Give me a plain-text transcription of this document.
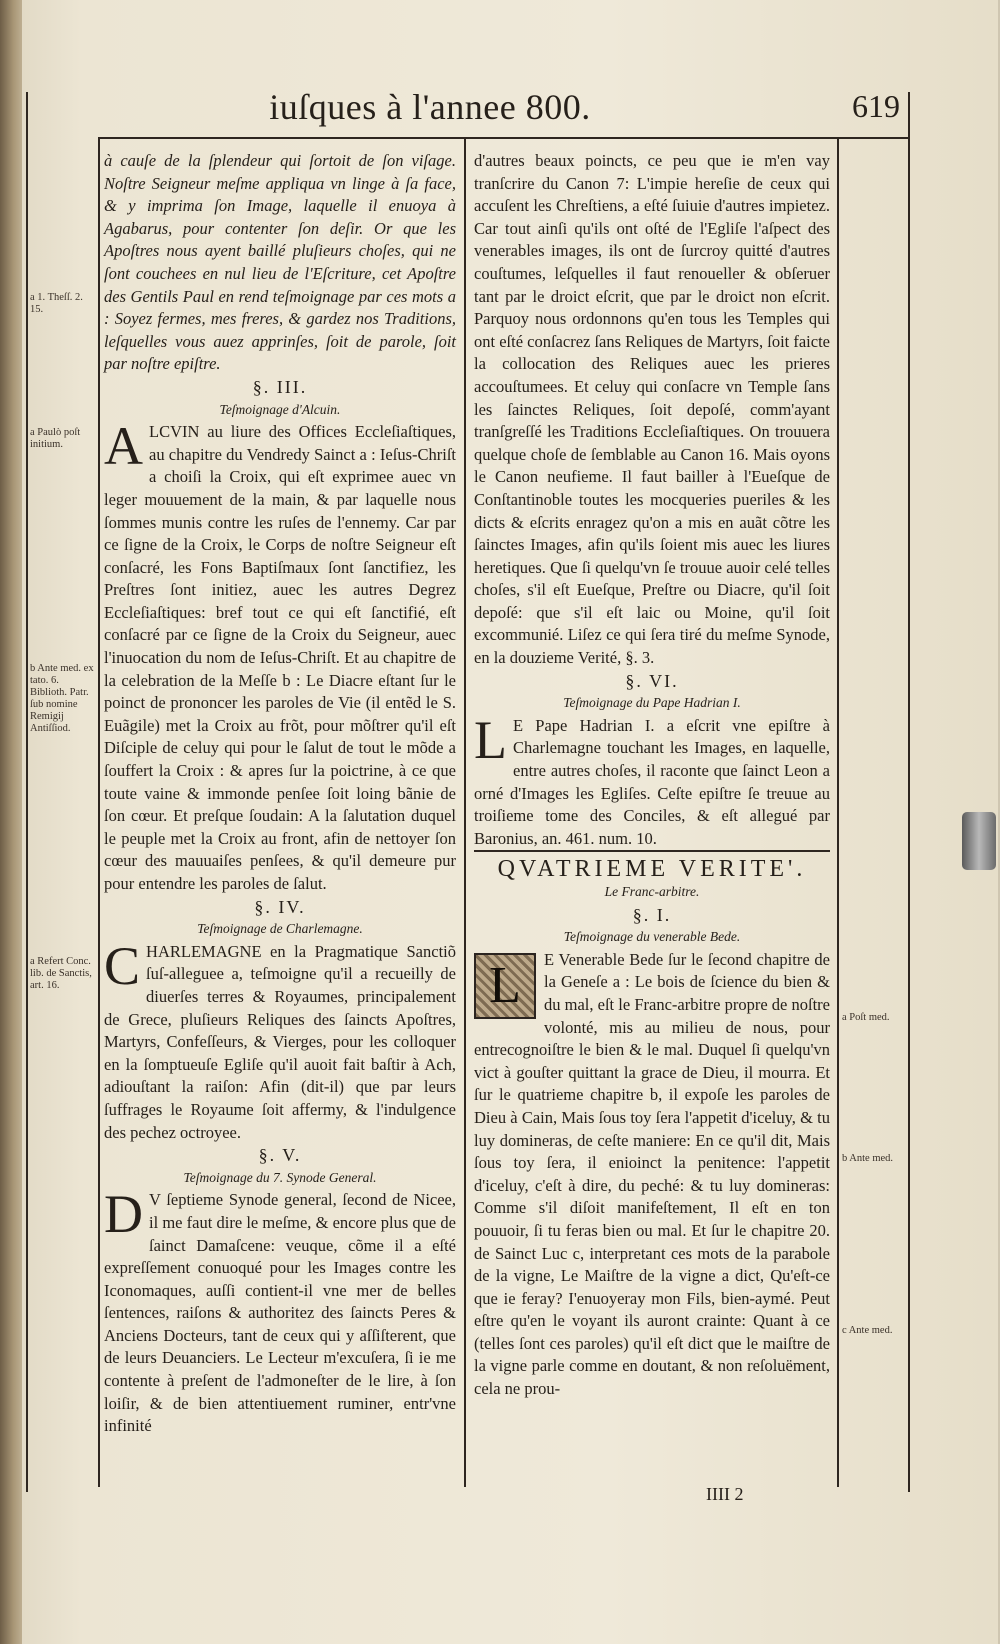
iuſques à l'annee 800.	619
a 1. Theſſ. 2. 15.
a Paulò poſt initium.
b Ante med. ex tato. 6. Biblioth. Patr. ſub nomine Remigij Antiſſiod.
a Refert Conc. lib. de Sanctis, art. 16.
a Poſt med.
b Ante med.
c Ante med.

à cauſe de la ſplendeur qui ſortoit de ſon viſage. Noſtre Seigneur meſme appliqua vn linge à ſa face, & y imprima ſon Image, laquelle il enuoya à Agabarus, pour contenter ſon deſir. Or que les Apoſtres nous ayent baillé pluſieurs choſes, qui ne ſont couchees en nul lieu de l'Eſcriture, cet Apoſtre des Gentils Paul en rend teſmoignage par ces mots a : Soyez fermes, mes freres, & gardez nos Traditions, leſquelles vous auez apprinſes, ſoit de parole, ſoit par noſtre epiſtre.

§. III.

Teſmoignage d'Alcuin.

ALCVIN au liure des Offices Eccleſiaſtiques, au chapitre du Vendredy Sainct a : Ieſus-Chriſt a choiſi la Croix, qui eſt exprimee auec vn leger mouuement de la main, & par laquelle nous ſommes munis contre les ruſes de l'ennemy. Car par ce ſigne de la Croix, le Corps de noſtre Seigneur eſt conſacré, les Fons Baptiſmaux ſont ſanctifiez, les Preſtres ſont initiez, auec les autres Degrez Eccleſiaſtiques: bref tout ce qui eſt ſanctifié, eſt conſacré par ce ſigne de la Croix du Seigneur, auec l'inuocation du nom de Ieſus-Chriſt. Et au chapitre de la celebration de la Meſſe b : Le Diacre eſtant ſur le poinct de prononcer les paroles de Vie (il entẽd le S. Euãgile) met la Croix au frõt, pour mõſtrer qu'il eſt Diſciple de celuy qui pour le ſalut de tout le mõde a ſouffert la Croix : & apres ſur la poictrine, à ce que toute vaine & immonde penſee ſoit loing bãnie de ſon cœur. Et preſque ſoudain: A la ſalutation duquel le peuple met la Croix au front, afin de nettoyer ſon cœur des mauuaiſes penſees, & qu'il demeure pur pour entendre les paroles de ſalut.

§. IV.

Teſmoignage de Charlemagne.

CHARLEMAGNE en la Pragmatique Sanctiõ ſuſ-alleguee a, teſmoigne qu'il a recueilly de diuerſes terres & Royaumes, principalement de Grece, pluſieurs Reliques des ſaincts Apoſtres, Martyrs, Confeſſeurs, & Vierges, pour les colloquer en la ſomptueuſe Egliſe qu'il auoit fait baſtir à Ach, adiouſtant la raiſon: Afin (dit-il) que par leurs ſuffrages le Royaume ſoit affermy, & l'indulgence des pechez octroyee.

§. V.

Teſmoignage du 7. Synode General.

D V ſeptieme Synode general, ſecond de Nicee, il me faut dire le meſme, & encore plus que de ſainct Damaſcene: veuque, cõme il a eſté expreſſement conuoqué pour les Images contre les Iconomaques, auſſi contient-il vne mer de belles ſentences, raiſons & authoritez des ſaincts Peres & Anciens Docteurs, tant de ceux qui y aſſiſterent, que de leurs Deuanciers. Le Lecteur m'excuſera, ſi ie me contente à preſent de l'admoneſter de le lire, à ſon loiſir, & de bien attentiuement ruminer, entr'vne infinité

d'autres beaux poincts, ce peu que ie m'en vay tranſcrire du Canon 7: L'impie hereſie de ceux qui accuſent les Chreſtiens, a eſté ſuiuie d'autres impietez. Car tout ainſi qu'ils ont oſté de l'Egliſe l'aſpect des venerables images, ils ont de ſurcroy quitté d'autres couſtumes, leſquelles il faut renoueller & obſeruer tant par le droict eſcrit, que par le droict non eſcrit. Parquoy nous ordonnons qu'en tous les Temples qui ont eſté conſacrez ſans Reliques de Martyrs, ſoit faicte la collocation des Reliques auec les prieres accouſtumees. Et celuy qui conſacre vn Temple ſans les ſainctes Reliques, ſoit depoſé, comm'ayant tranſgreſſé les Traditions Eccleſiaſtiques. On trouuera quelque choſe de ſemblable au Canon 16. Mais oyons le Canon neufieme. Il faut bailler à l'Eueſque de Conſtantinoble toutes les mocqueries pueriles & les dicts & eſcrits enragez qu'on a mis en auãt cõtre les ſainctes Images, afin qu'ils ſoient mis auec les liures heretiques. Que ſi quelqu'vn ſe trouue auoir celé telles choſes, s'il eſt Eueſque, Preſtre ou Diacre, qu'il ſoit depoſé: que s'il eſt laic ou Moine, qu'il ſoit excommunié. Liſez ce qui ſera tiré du meſme Synode, en la douzieme Verité, §. 3.

§. VI.

Teſmoignage du Pape Hadrian I.

L E Pape Hadrian I. a eſcrit vne epiſtre à Charlemagne touchant les Images, en laquelle, entre autres choſes, il raconte que ſainct Leon a orné d'Images les Egliſes. Ceſte epiſtre ſe treuue au troiſieme tome des Conciles, & eſt allegué par Baronius, an. 461. num. 10.

QVATRIEME VERITE'.

Le Franc-arbitre.

§. I.

Teſmoignage du venerable Bede.

L	E Venerable Bede ſur le ſecond chapitre de la Geneſe a : Le bois de ſcience du bien & du mal, eſt le Franc-arbitre propre de noſtre volonté, mis au milieu de nous, pour entrecognoiſtre le bien & le mal. Duquel ſi quelqu'vn vict à gouſter quittant la grace de Dieu, il mourra. Et ſur le quatrieme chapitre b, il expoſe les paroles de Dieu à Cain, Mais ſous toy ſera l'appetit d'iceluy, & tu luy domineras, de ceſte maniere: En ce qu'il dit, Mais ſous toy ſera, il enioinct la penitence: l'appetit d'iceluy, c'eſt à dire, du peché: & tu luy domineras: Comme s'il diſoit manifeſtement, Il eſt en ton pouuoir, ſi tu feras bien ou mal. Et ſur le chapitre 20. de Sainct Luc c, interpretant ces mots de la parabole de la vigne, Le Maiſtre de la vigne a dict, Qu'eſt-ce que ie feray? I'enuoyeray mon Fils, bien-aymé. Peut eſtre qu'en le voyant ils auront crainte: Quant à ce (telles ſont ces paroles) qu'il eſt dict que le maiſtre de la vigne parle comme en doutant, & non reſoluëment, cela ne prou-

IIII 2
